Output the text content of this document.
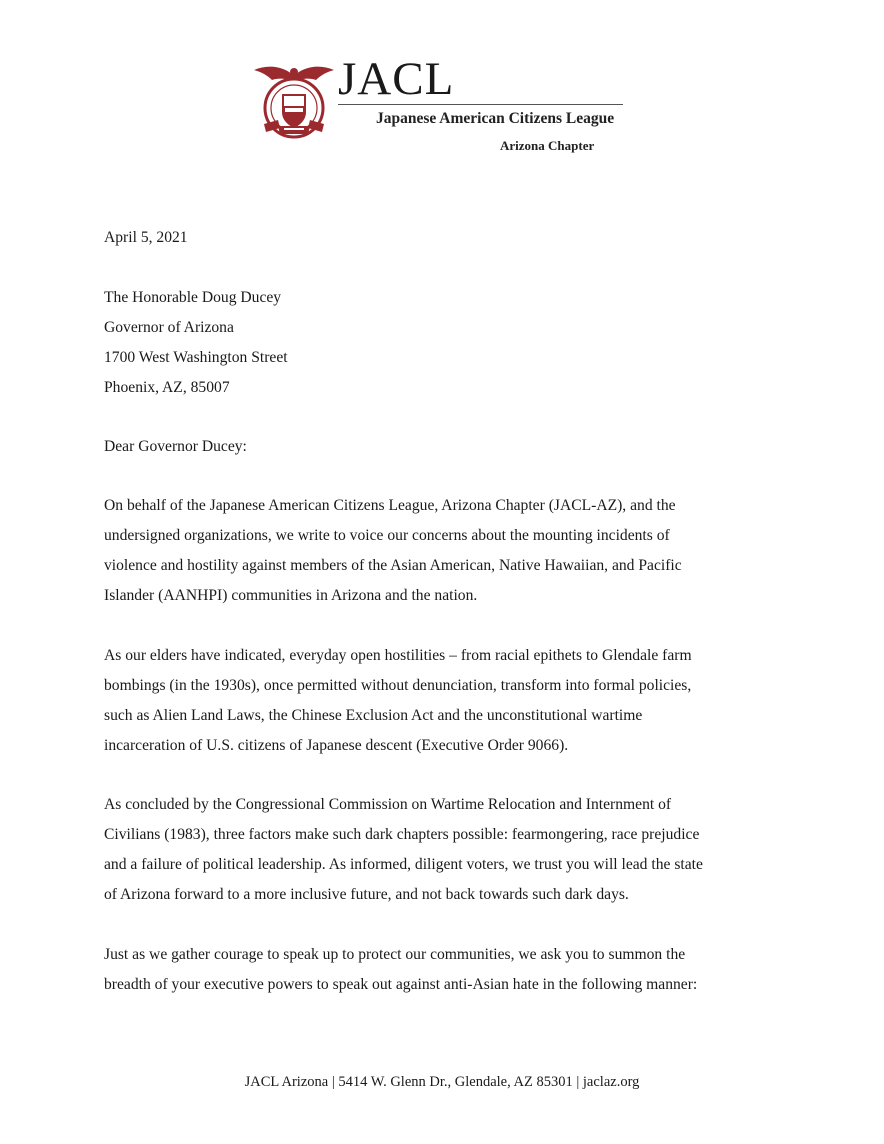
JACL
Japanese American Citizens League
Arizona Chapter
April 5, 2021
The Honorable Doug Ducey
Governor of Arizona
1700 West Washington Street
Phoenix, AZ, 85007
Dear Governor Ducey:
On behalf of the Japanese American Citizens League, Arizona Chapter (JACL-AZ), and the
undersigned organizations, we write to voice our concerns about the mounting incidents of
violence and hostility against members of the Asian American, Native Hawaiian, and Pacific
Islander (AANHPI) communities in Arizona and the nation.
As our elders have indicated, everyday open hostilities – from racial epithets to Glendale farm
bombings (in the 1930s), once permitted without denunciation, transform into formal policies,
such as Alien Land Laws, the Chinese Exclusion Act and the unconstitutional wartime
incarceration of U.S. citizens of Japanese descent (Executive Order 9066).
As concluded by the Congressional Commission on Wartime Relocation and Internment of
Civilians (1983), three factors make such dark chapters possible: fearmongering, race prejudice
and a failure of political leadership. As informed, diligent voters, we trust you will lead the state
of Arizona forward to a more inclusive future, and not back towards such dark days.
Just as we gather courage to speak up to protect our communities, we ask you to summon the
breadth of your executive powers to speak out against anti-Asian hate in the following manner:
JACL Arizona | 5414 W. Glenn Dr., Glendale, AZ 85301 | jaclaz.org
